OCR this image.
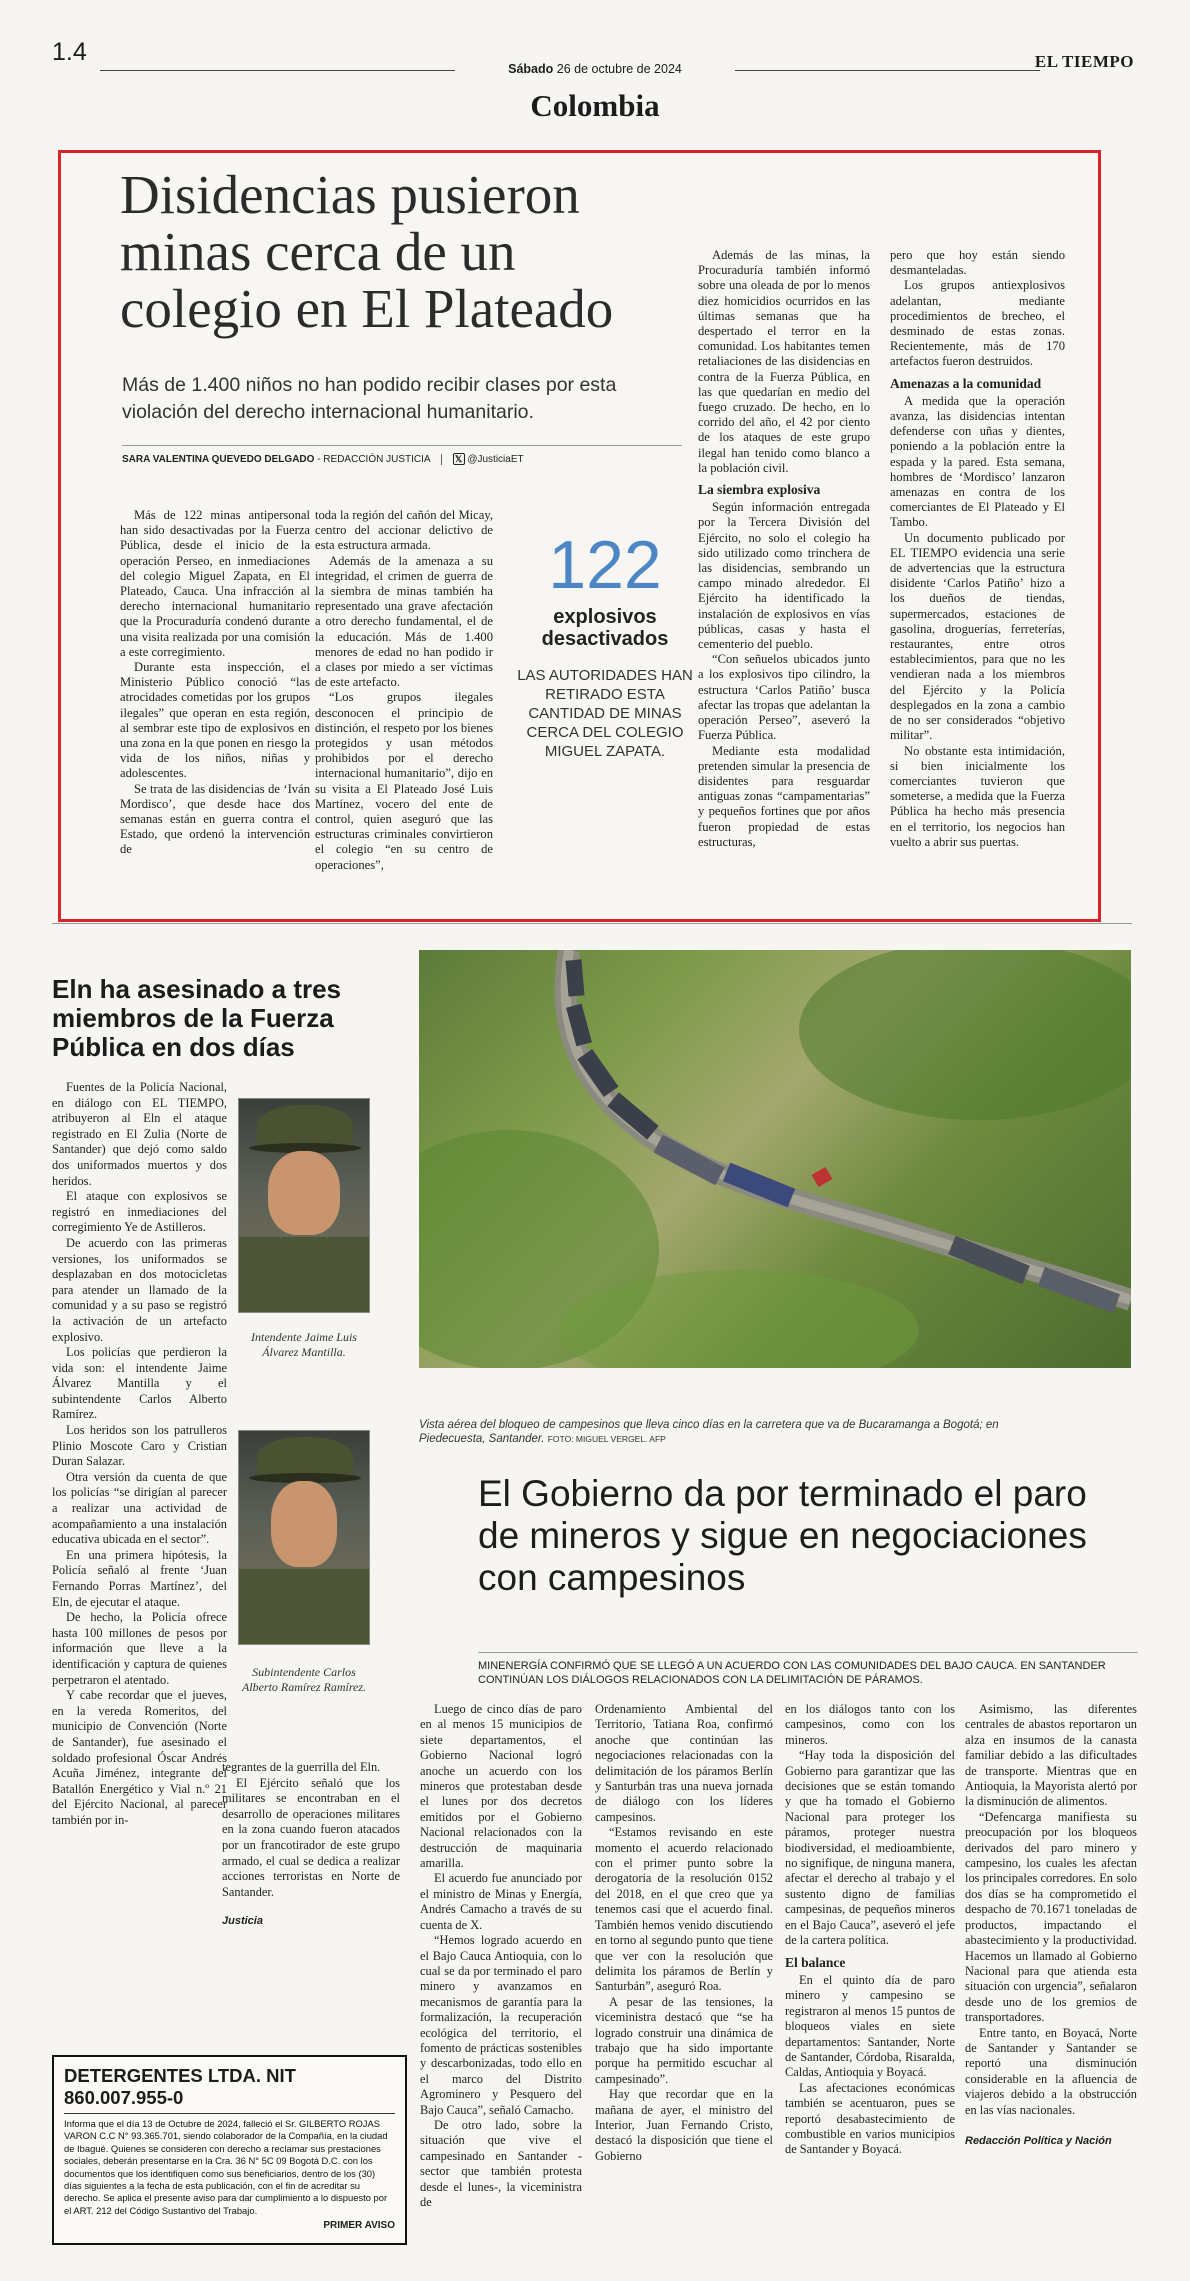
1.4
Sábado 26 de octubre de 2024	EL TIEMPO
Colombia
Disidencias pusieron minas cerca de un colegio en El Plateado
Más de 1.400 niños no han podido recibir clases por esta violación del derecho internacional humanitario.
SARA VALENTINA QUEVEDO DELGADO - REDACCIÓN JUSTICIA	𝕏 @JusticiaET

Más de 122 minas antipersonal han sido desactivadas por la Fuerza Pública, desde el inicio de la operación Perseo, en inmediaciones del colegio Miguel Zapata, en El Plateado, Cauca. Una infracción al derecho internacional humanitario que la Procuraduría condenó durante una visita realizada por una comisión a este corregimiento.

Durante esta inspección, el Ministerio Público conoció “las atrocidades cometidas por los grupos ilegales” que operan en esta región, al sembrar este tipo de explosivos en una zona en la que ponen en riesgo la vida de los niños, niñas y adolescentes.

Se trata de las disidencias de ‘Iván Mordisco’, que desde hace dos semanas están en guerra contra el Estado, que ordenó la intervención de

toda la región del cañón del Micay, centro del accionar delictivo de esta estructura armada.

Además de la amenaza a su integridad, el crimen de guerra de la siembra de minas también ha representado una grave afectación a otro derecho fundamental, el de la educación. Más de 1.400 menores de edad no han podido ir a clases por miedo a ser víctimas de este artefacto.

“Los grupos ilegales desconocen el principio de distinción, el respeto por los bienes protegidos y usan métodos prohibidos por el derecho internacional humanitario”, dijo en su visita a El Plateado José Luis Martínez, vocero del ente de control, quien aseguró que las estructuras criminales convirtieron el colegio “en su centro de operaciones”,

122
explosivos desactivados
LAS AUTORIDADES HAN RETIRADO ESTA CANTIDAD DE MINAS CERCA DEL COLEGIO MIGUEL ZAPATA.

Además de las minas, la Procuraduría también informó sobre una oleada de por lo menos diez homicidios ocurridos en las últimas semanas que ha despertado el terror en la comunidad. Los habitantes temen retaliaciones de las disidencias en contra de la Fuerza Pública, en las que quedarían en medio del fuego cruzado. De hecho, en lo corrido del año, el 42 por ciento de los ataques de este grupo ilegal han tenido como blanco a la población civil.

La siembra explosiva

Según información entregada por la Tercera División del Ejército, no solo el colegio ha sido utilizado como trinchera de las disidencias, sembrando un campo minado alrededor. El Ejército ha identificado la instalación de explosivos en vías públicas, casas y hasta el cementerio del pueblo.

“Con señuelos ubicados junto a los explosivos tipo cilindro, la estructura ‘Carlos Patiño’ busca afectar las tropas que adelantan la operación Perseo”, aseveró la Fuerza Pública.

Mediante esta modalidad pretenden simular la presencia de disidentes para resguardar antiguas zonas “campamentarias” y pequeños fortines que por años fueron propiedad de estas estructuras,

pero que hoy están siendo desmanteladas.

Los grupos antiexplosivos adelantan, mediante procedimientos de brecheo, el desminado de estas zonas. Recientemente, más de 170 artefactos fueron destruidos.

Amenazas a la comunidad

A medida que la operación avanza, las disidencias intentan defenderse con uñas y dientes, poniendo a la población entre la espada y la pared. Esta semana, hombres de ‘Mordisco’ lanzaron amenazas en contra de los comerciantes de El Plateado y El Tambo.

Un documento publicado por EL TIEMPO evidencia una serie de advertencias que la estructura disidente ‘Carlos Patiño’ hizo a los dueños de tiendas, supermercados, estaciones de gasolina, droguerías, ferreterías, restaurantes, entre otros establecimientos, para que no les vendieran nada a los miembros del Ejército y la Policía desplegados en la zona a cambio de no ser considerados “objetivo militar”.

No obstante esta intimidación, si bien inicialmente los comerciantes tuvieron que someterse, a medida que la Fuerza Pública ha hecho más presencia en el territorio, los negocios han vuelto a abrir sus puertas.

Eln ha asesinado a tres miembros de la Fuerza Pública en dos días

Fuentes de la Policía Nacional, en diálogo con EL TIEMPO, atribuyeron al Eln el ataque registrado en El Zulia (Norte de Santander) que dejó como saldo dos uniformados muertos y dos heridos.

El ataque con explosivos se registró en inmediaciones del corregimiento Ye de Astilleros.

De acuerdo con las primeras versiones, los uniformados se desplazaban en dos motocicletas para atender un llamado de la comunidad y a su paso se registró la activación de un artefacto explosivo.

Los policías que perdieron la vida son: el intendente Jaime Álvarez Mantilla y el subintendente Carlos Alberto Ramírez.

Los heridos son los patrulleros Plinio Moscote Caro y Cristian Duran Salazar.

Otra versión da cuenta de que los policías “se dirigían al parecer a realizar una actividad de acompañamiento a una instalación educativa ubicada en el sector”.

En una primera hipótesis, la Policía señaló al frente ‘Juan Fernando Porras Martínez’, del Eln, de ejecutar el ataque.

De hecho, la Policía ofrece hasta 100 millones de pesos por información que lleve a la identificación y captura de quienes perpetraron el atentado.

Y cabe recordar que el jueves, en la vereda Romeritos, del municipio de Convención (Norte de Santander), fue asesinado el soldado profesional Óscar Andrés Acuña Jiménez, integrante del Batallón Energético y Vial n.º 21 del Ejército Nacional, al parecer también por in-

Intendente Jaime Luis Álvarez Mantilla.
Subintendente Carlos Alberto Ramírez Ramírez.

tegrantes de la guerrilla del Eln.

El Ejército señaló que los militares se encontraban en el desarrollo de operaciones militares en la zona cuando fueron atacados por un francotirador de este grupo armado, el cual se dedica a realizar acciones terroristas en Norte de Santander.

Justicia

Vista aérea del bloqueo de campesinos que lleva cinco días en la carretera que va de Bucaramanga a Bogotá; en Piedecuesta, Santander. FOTO: MIGUEL VERGEL. AFP
El Gobierno da por terminado el paro de mineros y sigue en negociaciones con campesinos
MINENERGÍA CONFIRMÓ QUE SE LLEGÓ A UN ACUERDO CON LAS COMUNIDADES DEL BAJO CAUCA. EN SANTANDER CONTINÚAN LOS DIÁLOGOS RELACIONADOS CON LA DELIMITACIÓN DE PÁRAMOS.

Luego de cinco días de paro en al menos 15 municipios de siete departamentos, el Gobierno Nacional logró anoche un acuerdo con los mineros que protestaban desde el lunes por dos decretos emitidos por el Gobierno Nacional relacionados con la destrucción de maquinaria amarilla.

El acuerdo fue anunciado por el ministro de Minas y Energía, Andrés Camacho a través de su cuenta de X.

“Hemos logrado acuerdo en el Bajo Cauca Antioquia, con lo cual se da por terminado el paro minero y avanzamos en mecanismos de garantía para la formalización, la recuperación ecológica del territorio, el fomento de prácticas sostenibles y descarbonizadas, todo ello en el marco del Distrito Agrominero y Pesquero del Bajo Cauca”, señaló Camacho.

De otro lado, sobre la situación que vive el campesinado en Santander -sector que también protesta desde el lunes-, la viceministra de

Ordenamiento Ambiental del Territorio, Tatiana Roa, confirmó anoche que continúan las negociaciones relacionadas con la delimitación de los páramos Berlín y Santurbán tras una nueva jornada de diálogo con los líderes campesinos.

“Estamos revisando en este momento el acuerdo relacionado con el primer punto sobre la derogatoria de la resolución 0152 del 2018, en el que creo que ya tenemos casi que el acuerdo final. También hemos venido discutiendo en torno al segundo punto que tiene que ver con la resolución que delimita los páramos de Berlín y Santurbán”, aseguró Roa.

A pesar de las tensiones, la viceministra destacó que “se ha logrado construir una dinámica de trabajo que ha sido importante porque ha permitido escuchar al campesinado”.

Hay que recordar que en la mañana de ayer, el ministro del Interior, Juan Fernando Cristo, destacó la disposición que tiene el Gobierno

en los diálogos tanto con los campesinos, como con los mineros.

“Hay toda la disposición del Gobierno para garantizar que las decisiones que se están tomando y que ha tomado el Gobierno Nacional para proteger los páramos, proteger nuestra biodiversidad, el medioambiente, no signifique, de ninguna manera, afectar el derecho al trabajo y el sustento digno de familias campesinas, de pequeños mineros en el Bajo Cauca”, aseveró el jefe de la cartera política.

El balance

En el quinto día de paro minero y campesino se registraron al menos 15 puntos de bloqueos viales en siete departamentos: Santander, Norte de Santander, Córdoba, Risaralda, Caldas, Antioquia y Boyacá.

Las afectaciones económicas también se acentuaron, pues se reportó desabastecimiento de combustible en varios municipios de Santander y Boyacá.

Asimismo, las diferentes centrales de abastos reportaron un alza en insumos de la canasta familiar debido a las dificultades de transporte. Mientras que en Antioquia, la Mayorista alertó por la disminución de alimentos.

“Defencarga manifiesta su preocupación por los bloqueos derivados del paro minero y campesino, los cuales les afectan los principales corredores. En solo dos días se ha comprometido el despacho de 70.1671 toneladas de productos, impactando el abastecimiento y la productividad. Hacemos un llamado al Gobierno Nacional para que atienda esta situación con urgencia”, señalaron desde uno de los gremios de transportadores.

Entre tanto, en Boyacá, Norte de Santander y Santander se reportó una disminución considerable en la afluencia de viajeros debido a la obstrucción en las vías nacionales.

Redacción Política y Nación

DETERGENTES LTDA. NIT 860.007.955-0
Informa que el día 13 de Octubre de 2024, falleció el Sr. GILBERTO ROJAS VARON C.C N° 93.365.701, siendo colaborador de la Compañía, en la ciudad de Ibagué. Quienes se consideren con derecho a reclamar sus prestaciones sociales, deberán presentarse en la Cra. 36 N° 5C 09 Bogotá D.C. con los documentos que los identifiquen como sus beneficiarios, dentro de los (30) días siguientes a la fecha de esta publicación, con el fin de acreditar su derecho. Se aplica el presente aviso para dar cumplimiento a lo dispuesto por el ART. 212 del Código Sustantivo del Trabajo.
PRIMER AVISO
